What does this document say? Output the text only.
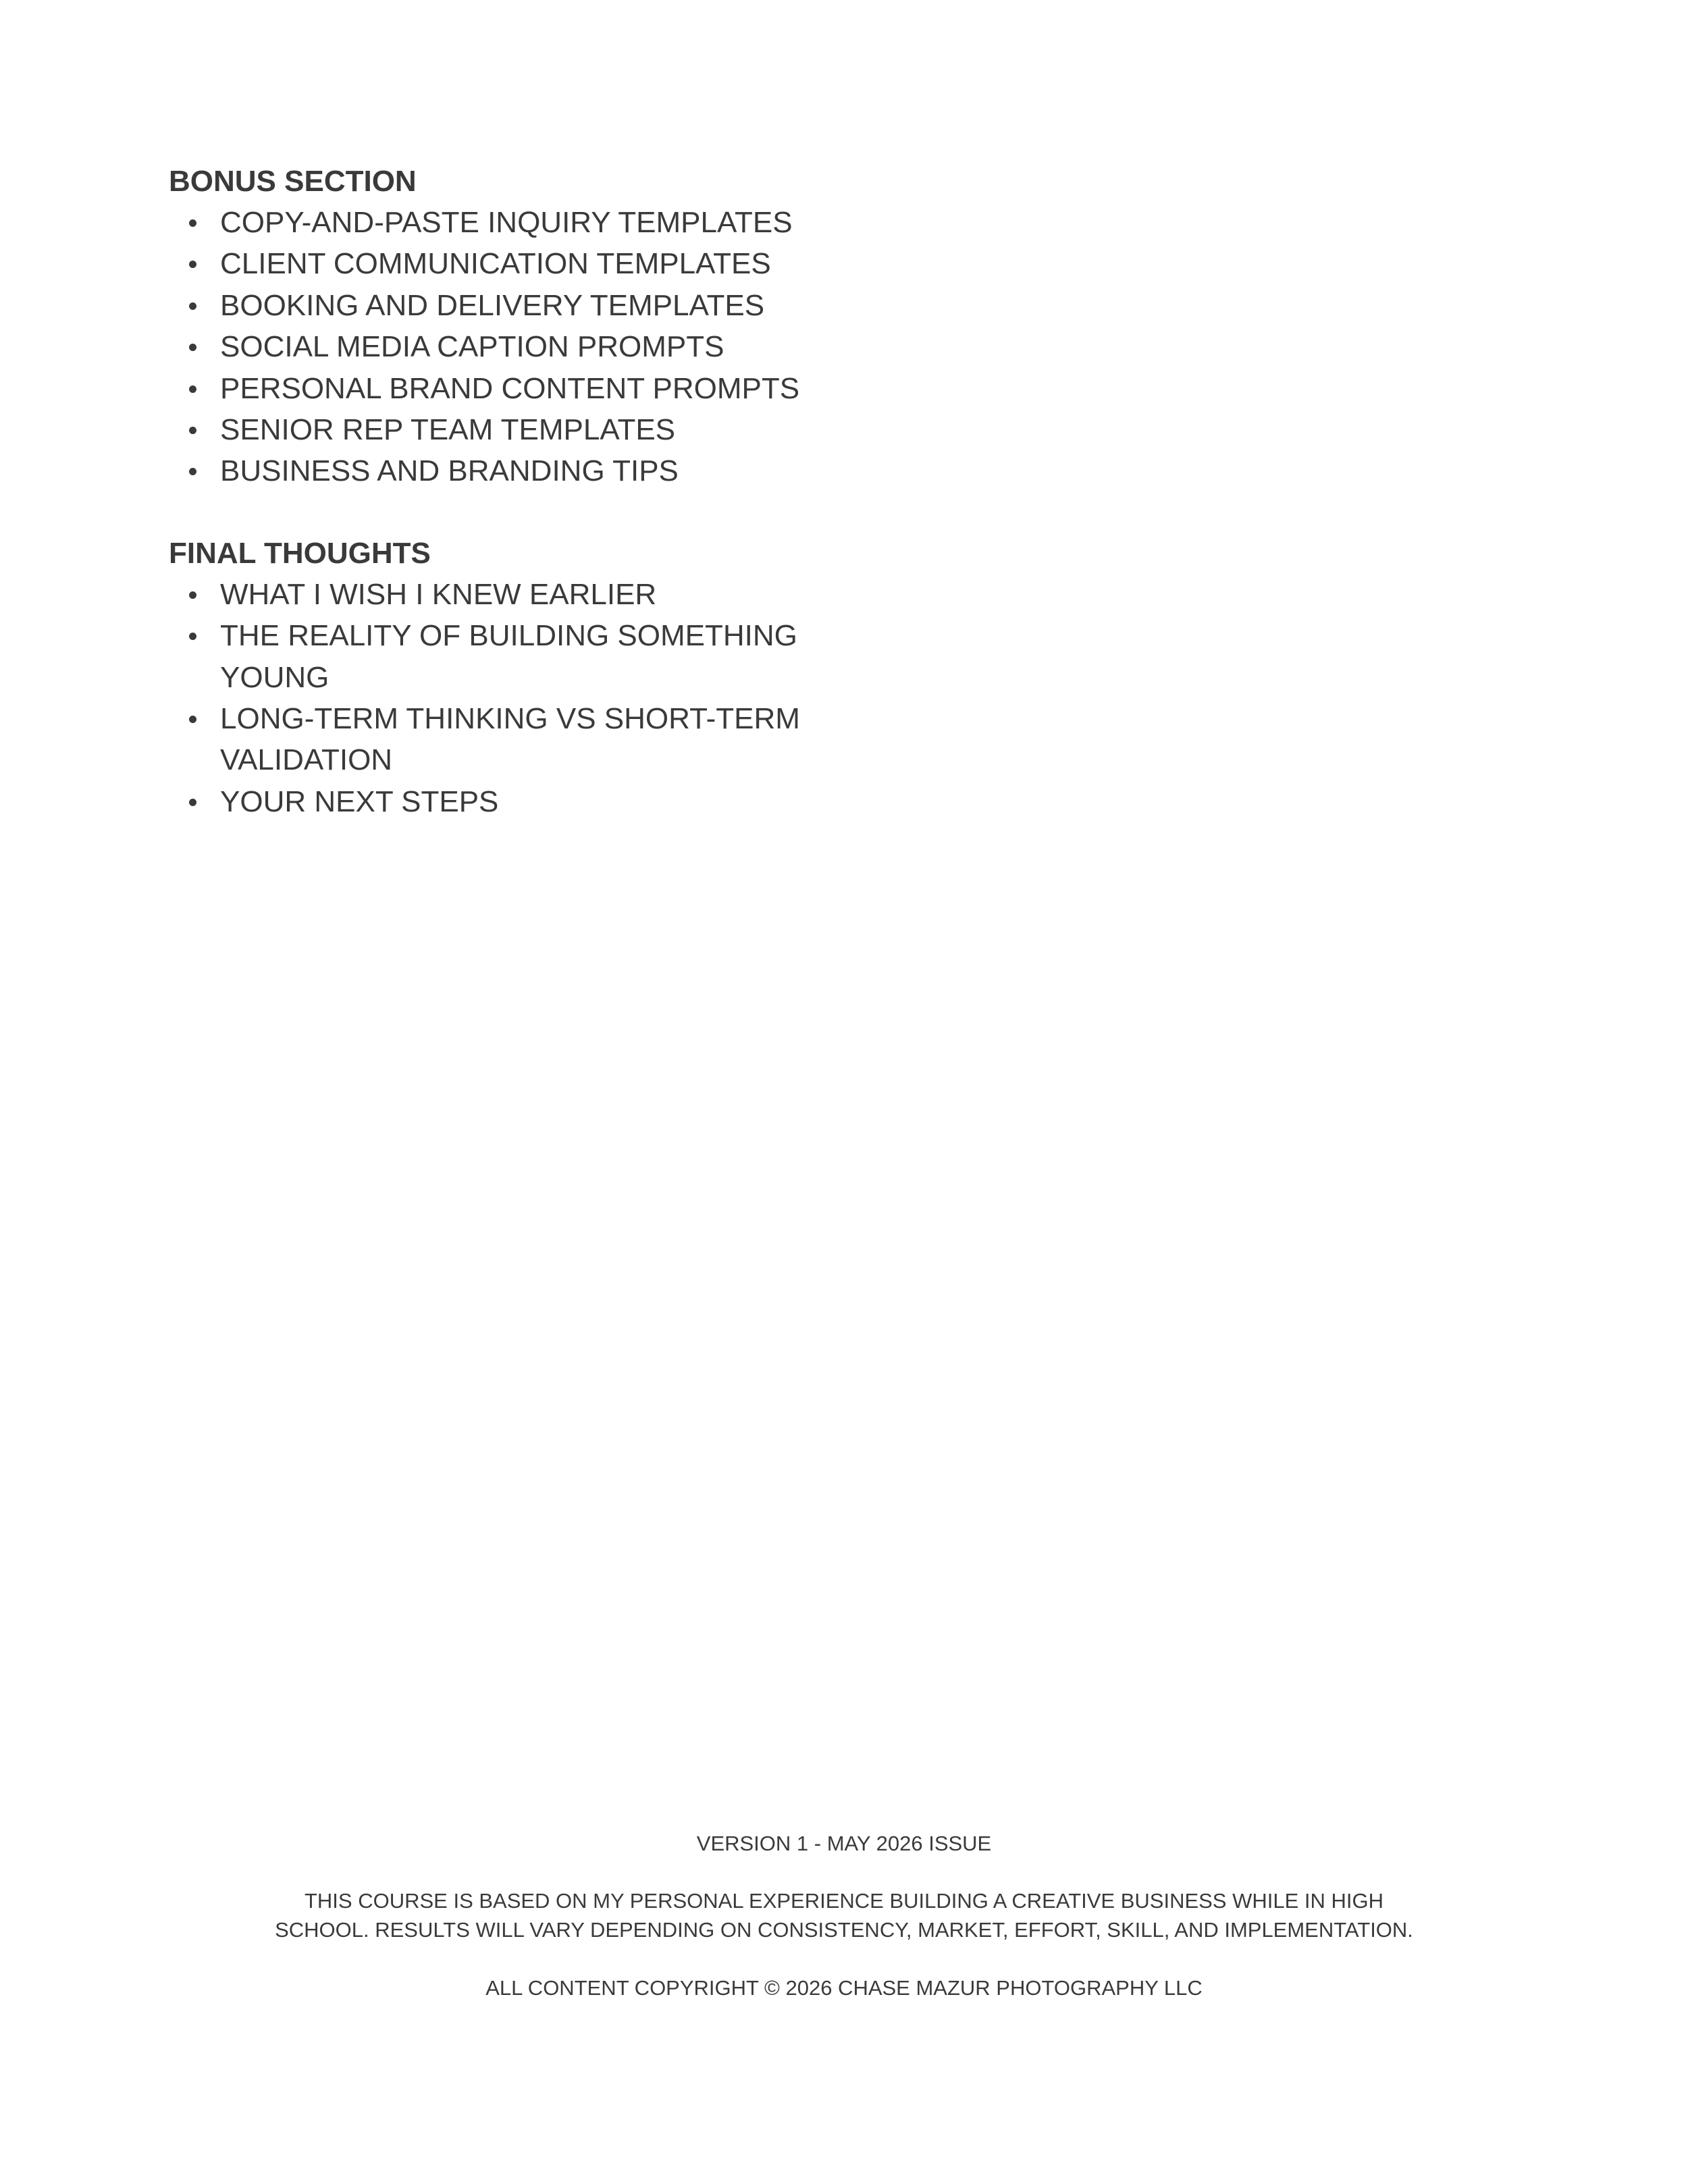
BONUS SECTION
COPY-AND-PASTE INQUIRY TEMPLATES
CLIENT COMMUNICATION TEMPLATES
BOOKING AND DELIVERY TEMPLATES
SOCIAL MEDIA CAPTION PROMPTS
PERSONAL BRAND CONTENT PROMPTS
SENIOR REP TEAM TEMPLATES
BUSINESS AND BRANDING TIPS
FINAL THOUGHTS
WHAT I WISH I KNEW EARLIER
THE REALITY OF BUILDING SOMETHING YOUNG
LONG-TERM THINKING VS SHORT-TERM VALIDATION
YOUR NEXT STEPS

VERSION 1 - MAY 2026 ISSUE

THIS COURSE IS BASED ON MY PERSONAL EXPERIENCE BUILDING A CREATIVE BUSINESS WHILE IN HIGH SCHOOL. RESULTS WILL VARY DEPENDING ON CONSISTENCY, MARKET, EFFORT, SKILL, AND IMPLEMENTATION.

ALL CONTENT COPYRIGHT © 2026 CHASE MAZUR PHOTOGRAPHY LLC
